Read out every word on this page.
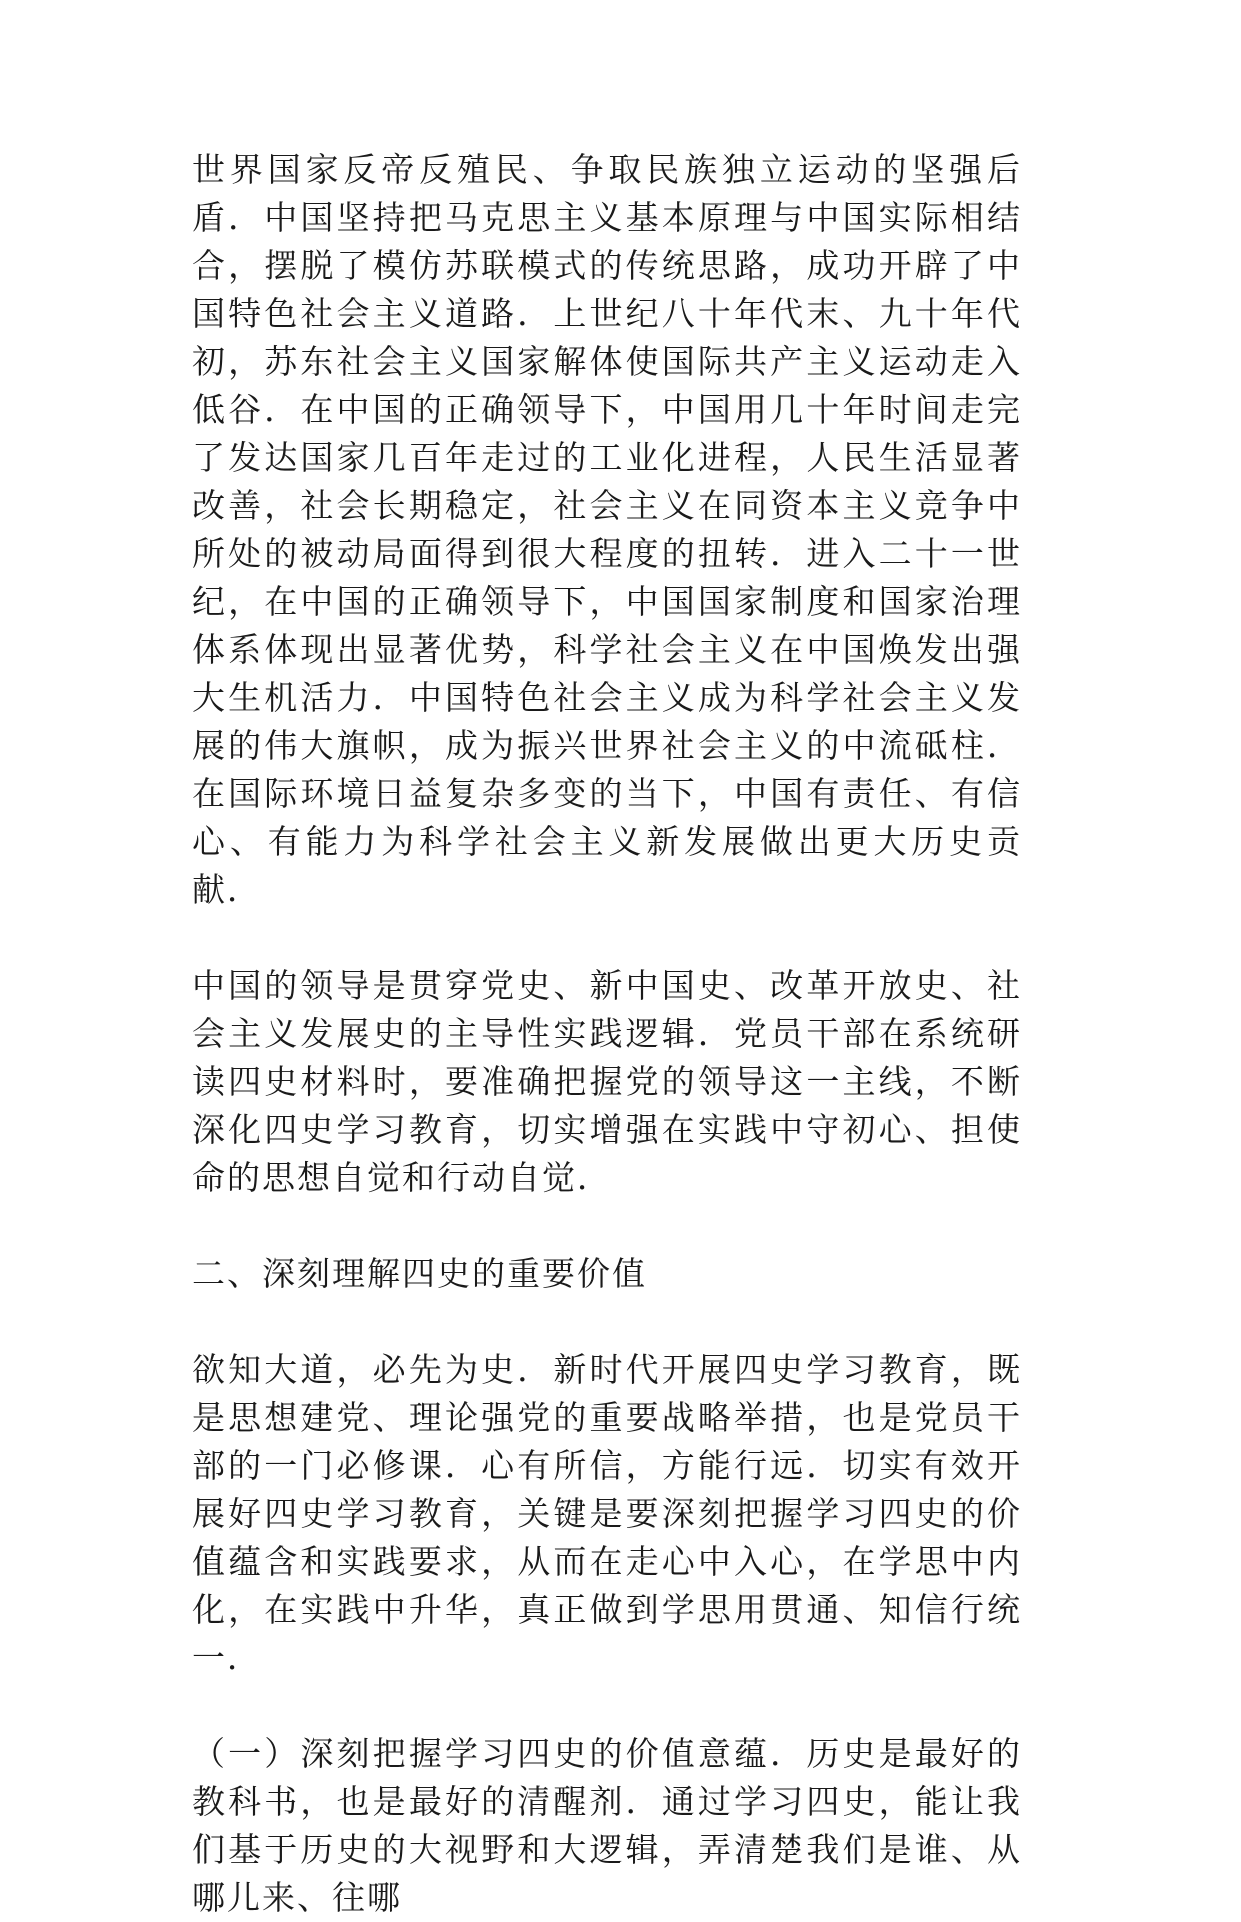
世界国家反帝反殖民、争取民族独立运动的坚强后盾．中国坚持把马克思主义基本原理与中国实际相结合，摆脱了模仿苏联模式的传统思路，成功开辟了中国特色社会主义道路．上世纪八十年代末、九十年代初，苏东社会主义国家解体使国际共产主义运动走入低谷．在中国的正确领导下，中国用几十年时间走完了发达国家几百年走过的工业化进程，人民生活显著改善，社会长期稳定，社会主义在同资本主义竞争中所处的被动局面得到很大程度的扭转．进入二十一世纪，在中国的正确领导下，中国国家制度和国家治理体系体现出显著优势，科学社会主义在中国焕发出强大生机活力．中国特色社会主义成为科学社会主义发展的伟大旗帜，成为振兴世界社会主义的中流砥柱．在国际环境日益复杂多变的当下，中国有责任、有信心、有能力为科学社会主义新发展做出更大历史贡献．

中国的领导是贯穿党史、新中国史、改革开放史、社会主义发展史的主导性实践逻辑．党员干部在系统研读四史材料时，要准确把握党的领导这一主线，不断深化四史学习教育，切实增强在实践中守初心、担使命的思想自觉和行动自觉．

二、深刻理解四史的重要价值

欲知大道，必先为史．新时代开展四史学习教育，既是思想建党、理论强党的重要战略举措，也是党员干部的一门必修课．心有所信，方能行远．切实有效开展好四史学习教育，关键是要深刻把握学习四史的价值蕴含和实践要求，从而在走心中入心，在学思中内化，在实践中升华，真正做到学思用贯通、知信行统一．

（一）深刻把握学习四史的价值意蕴．历史是最好的教科书，也是最好的清醒剂．通过学习四史，能让我们基于历史的大视野和大逻辑，弄清楚我们是谁、从哪儿来、往哪
